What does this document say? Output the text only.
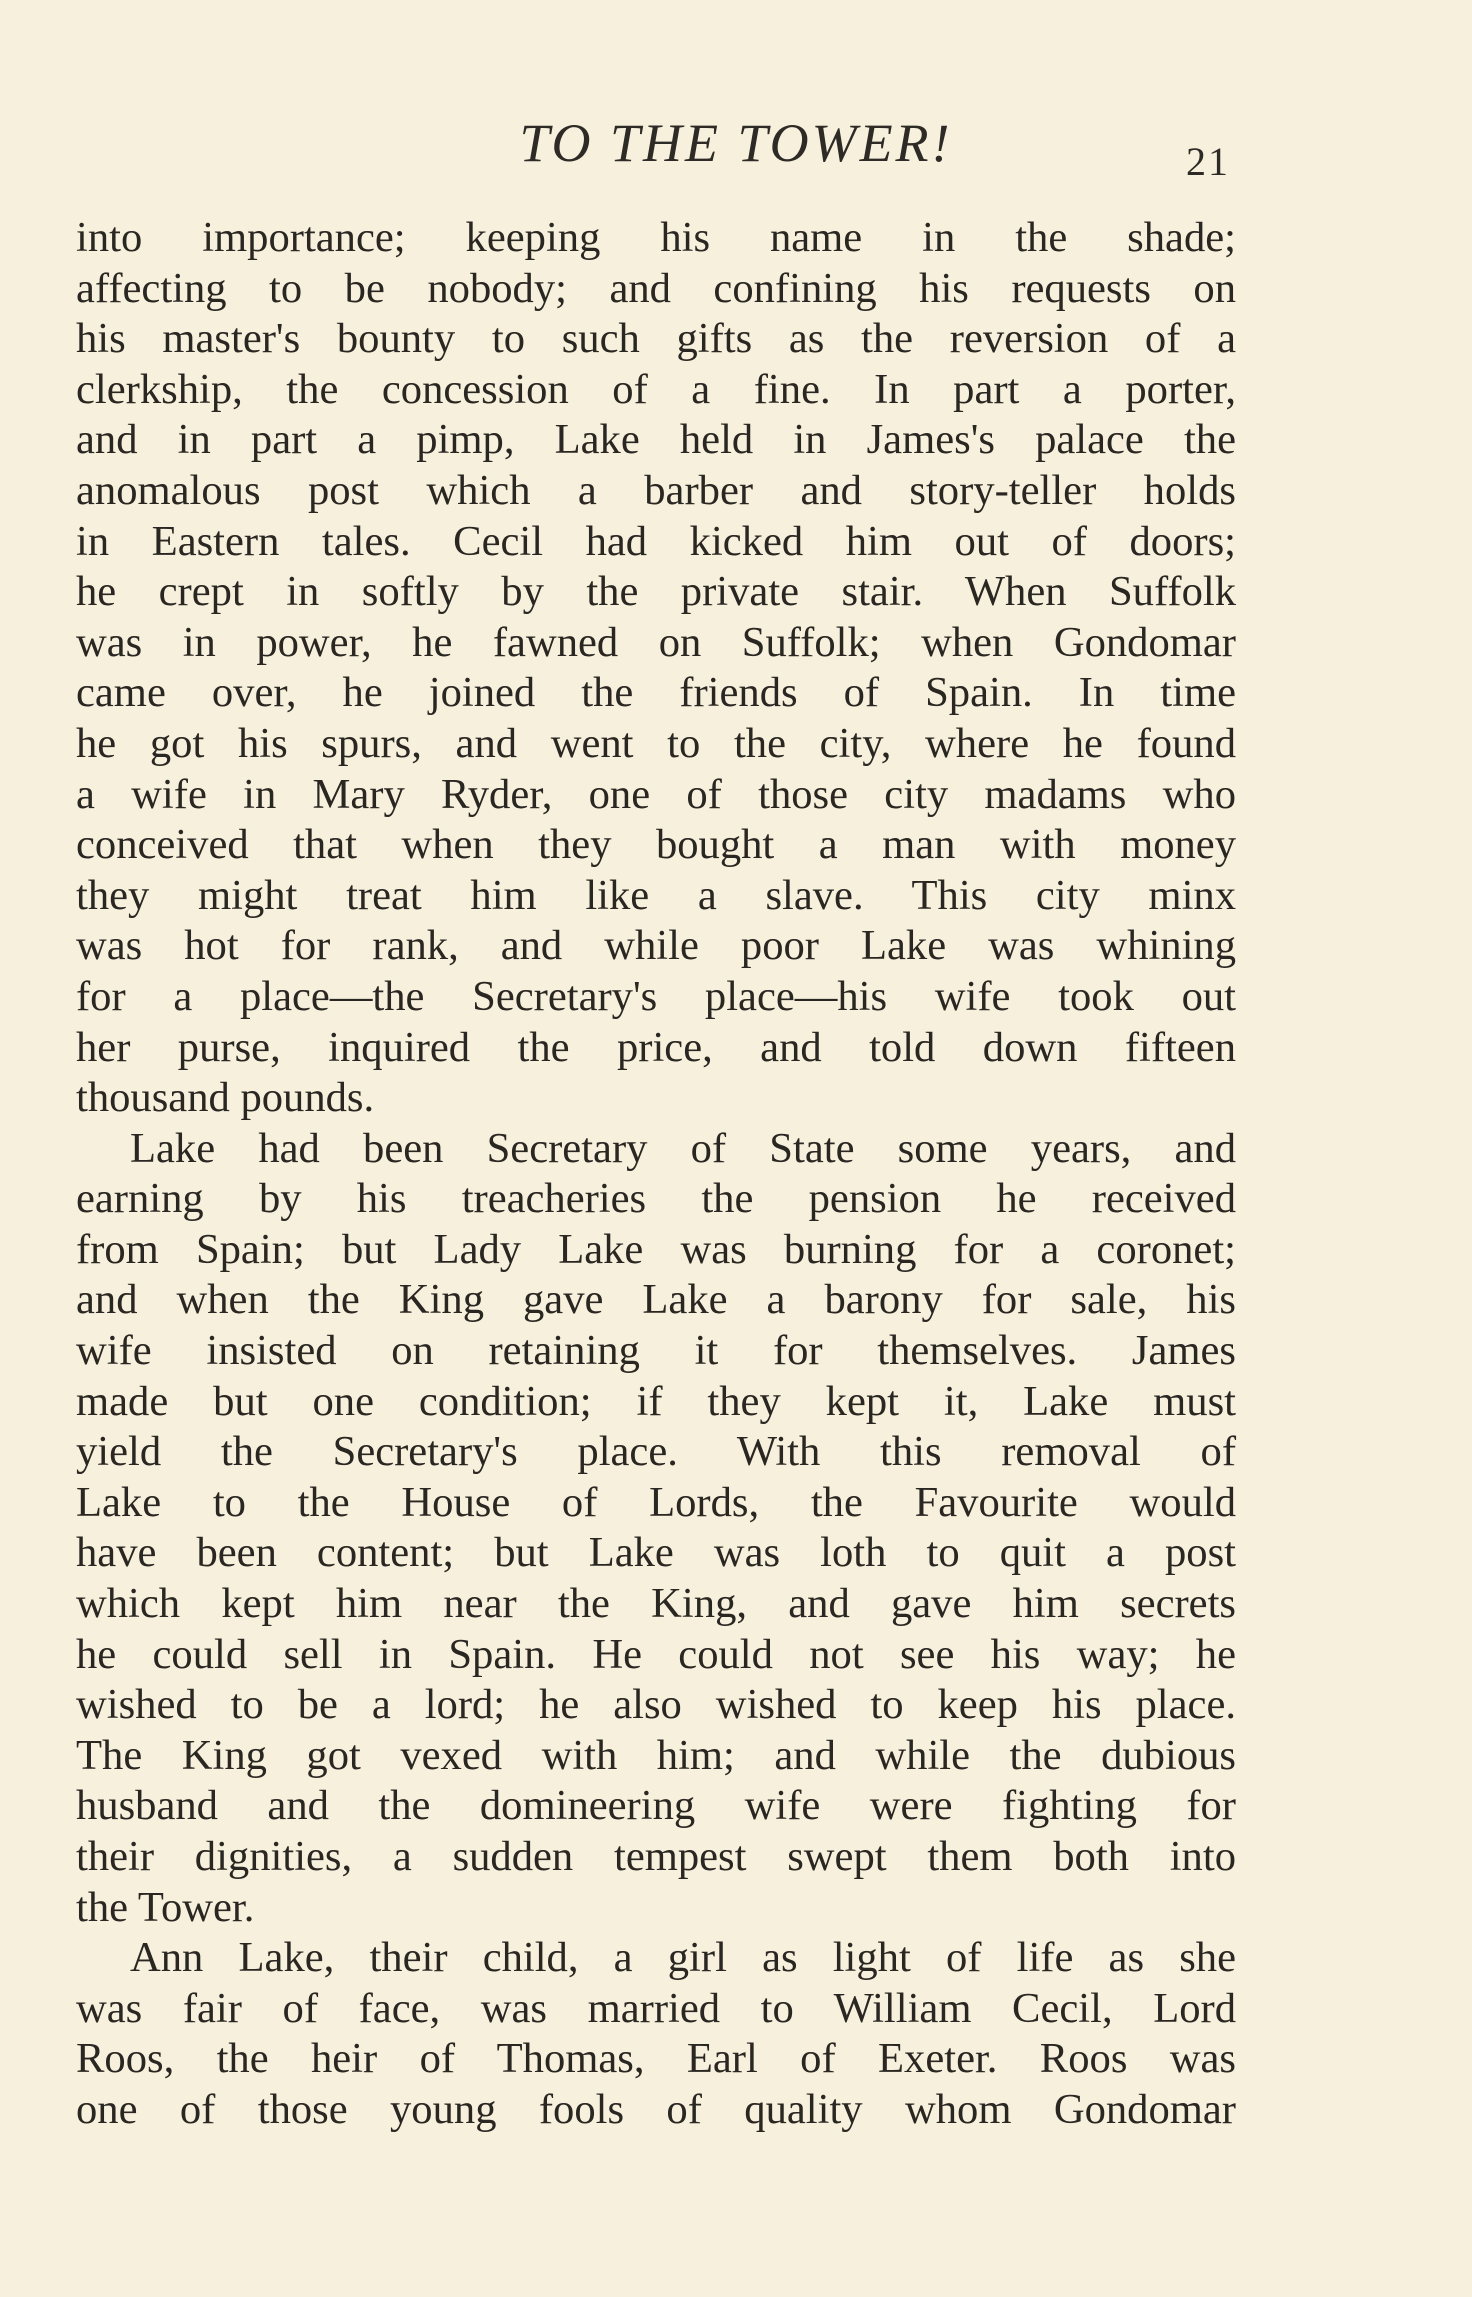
TO THE TOWER!	21
into importance; keeping his name in the shade;
affecting to be nobody; and confining his requests on
his master's bounty to such gifts as the reversion of a
clerkship, the concession of a fine. In part a porter,
and in part a pimp, Lake held in James's palace the
anomalous post which a barber and story-teller holds
in Eastern tales. Cecil had kicked him out of doors;
he crept in softly by the private stair. When Suffolk
was in power, he fawned on Suffolk; when Gondomar
came over, he joined the friends of Spain. In time
he got his spurs, and went to the city, where he found
a wife in Mary Ryder, one of those city madams who
conceived that when they bought a man with money
they might treat him like a slave. This city minx
was hot for rank, and while poor Lake was whining
for a place—the Secretary's place—his wife took out
her purse, inquired the price, and told down fifteen
thousand pounds.
Lake had been Secretary of State some years, and
earning by his treacheries the pension he received
from Spain; but Lady Lake was burning for a coronet;
and when the King gave Lake a barony for sale, his
wife insisted on retaining it for themselves. James
made but one condition; if they kept it, Lake must
yield the Secretary's place. With this removal of
Lake to the House of Lords, the Favourite would
have been content; but Lake was loth to quit a post
which kept him near the King, and gave him secrets
he could sell in Spain. He could not see his way; he
wished to be a lord; he also wished to keep his place.
The King got vexed with him; and while the dubious
husband and the domineering wife were fighting for
their dignities, a sudden tempest swept them both into
the Tower.
Ann Lake, their child, a girl as light of life as she
was fair of face, was married to William Cecil, Lord
Roos, the heir of Thomas, Earl of Exeter. Roos was
one of those young fools of quality whom Gondomar
